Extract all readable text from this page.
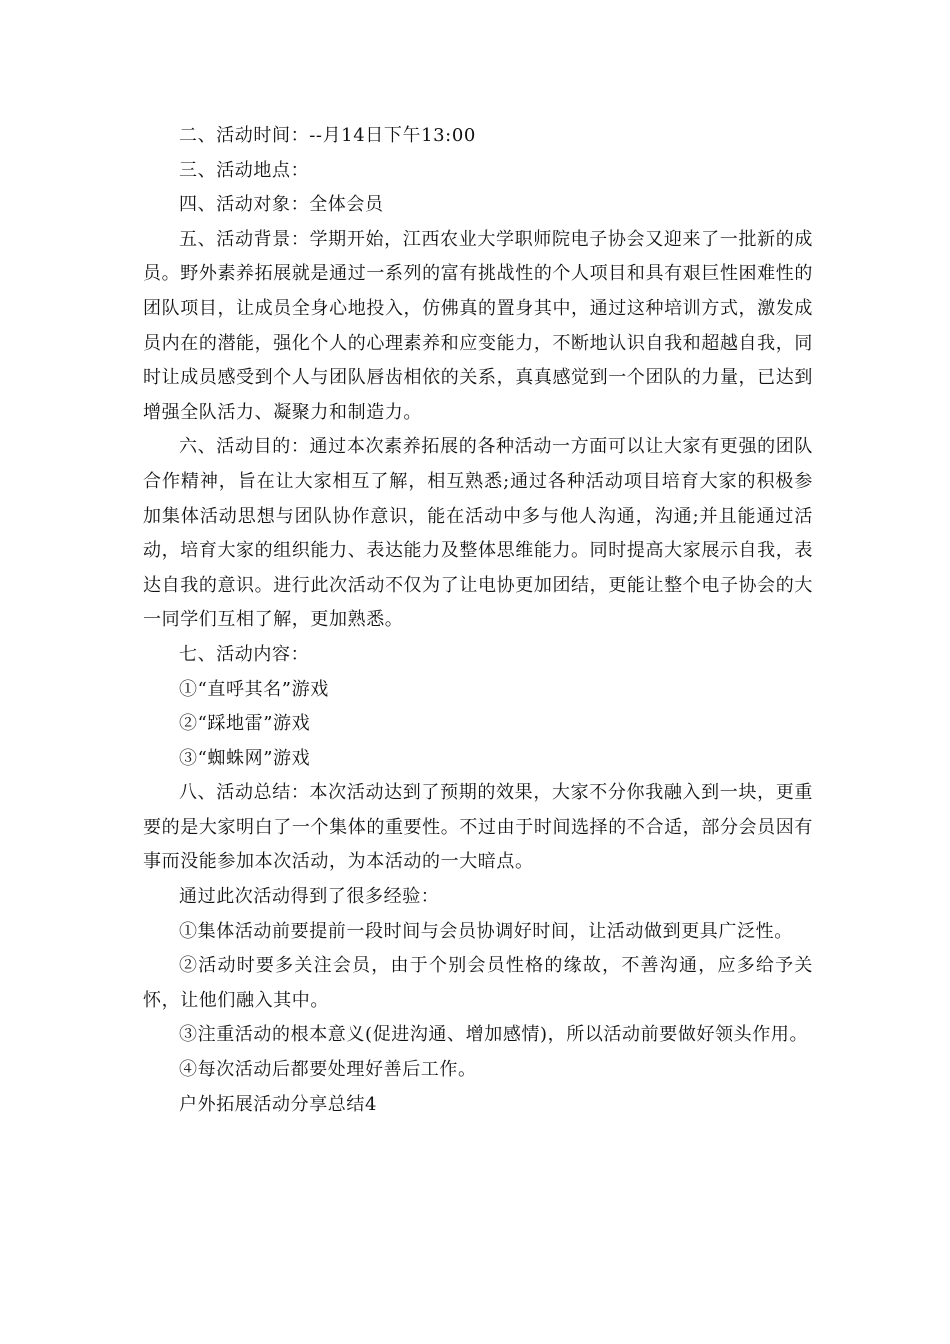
二、活动时间：--月14日下午13:00

三、活动地点：

四、活动对象：全体会员

五、活动背景：学期开始，江西农业大学职师院电子协会又迎来了一批新的成员。野外素养拓展就是通过一系列的富有挑战性的个人项目和具有艰巨性困难性的团队项目，让成员全身心地投入，仿佛真的置身其中，通过这种培训方式，激发成员内在的潜能，强化个人的心理素养和应变能力，不断地认识自我和超越自我，同时让成员感受到个人与团队唇齿相依的关系，真真感觉到一个团队的力量，已达到增强全队活力、凝聚力和制造力。

六、活动目的：通过本次素养拓展的各种活动一方面可以让大家有更强的团队合作精神，旨在让大家相互了解，相互熟悉;通过各种活动项目培育大家的积极参加集体活动思想与团队协作意识，能在活动中多与他人沟通，沟通;并且能通过活动，培育大家的组织能力、表达能力及整体思维能力。同时提高大家展示自我，表达自我的意识。进行此次活动不仅为了让电协更加团结，更能让整个电子协会的大一同学们互相了解，更加熟悉。

七、活动内容：

①“直呼其名”游戏

②“踩地雷”游戏

③“蜘蛛网”游戏

八、活动总结：本次活动达到了预期的效果，大家不分你我融入到一块，更重要的是大家明白了一个集体的重要性。不过由于时间选择的不合适，部分会员因有事而没能参加本次活动，为本活动的一大暗点。

通过此次活动得到了很多经验：

①集体活动前要提前一段时间与会员协调好时间，让活动做到更具广泛性。

②活动时要多关注会员，由于个别会员性格的缘故，不善沟通，应多给予关怀，让他们融入其中。

③注重活动的根本意义(促进沟通、增加感情)，所以活动前要做好领头作用。

④每次活动后都要处理好善后工作。

户外拓展活动分享总结4
